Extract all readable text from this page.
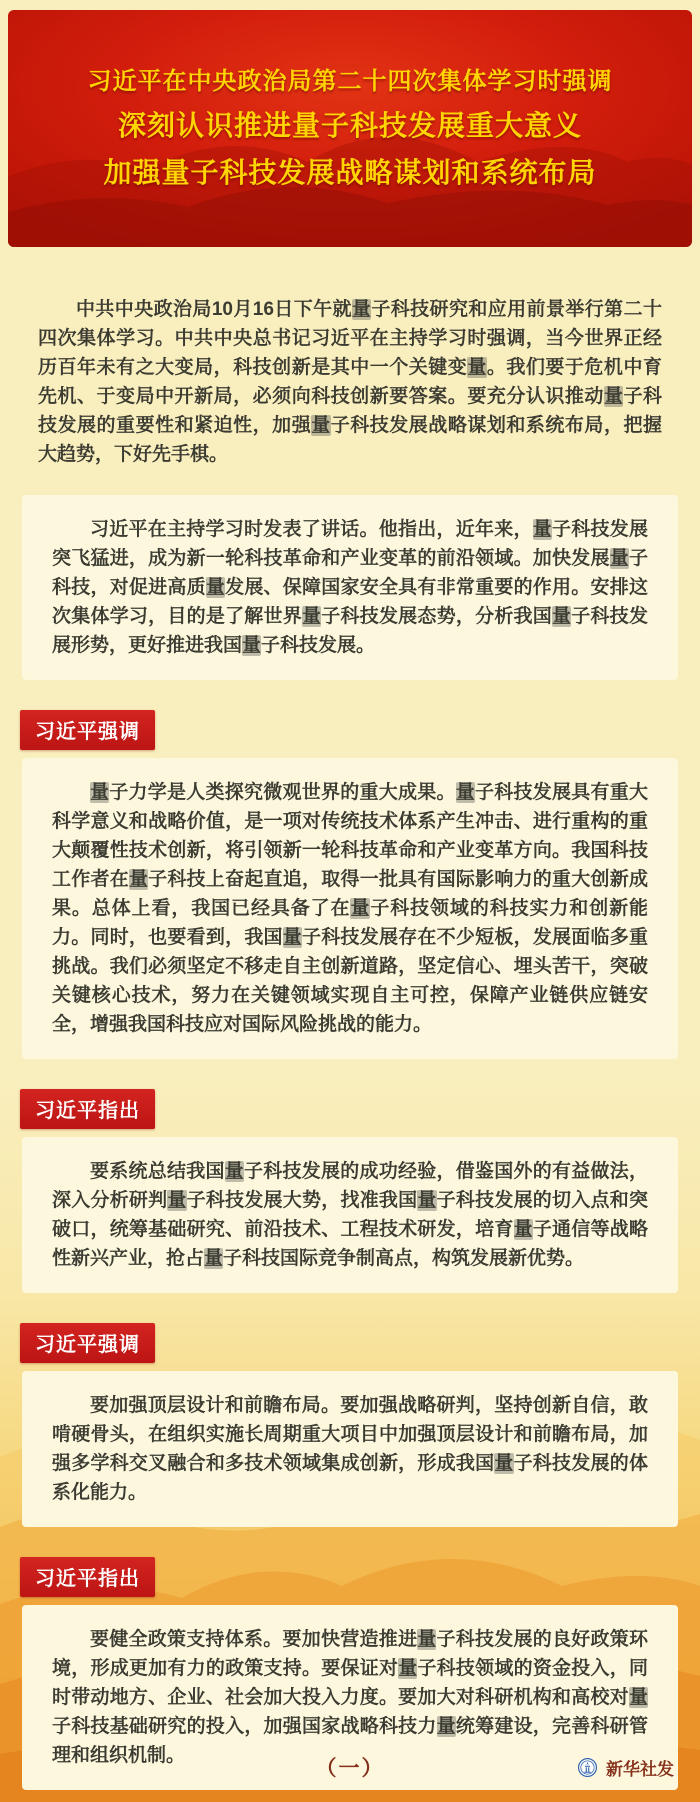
习近平在中央政治局第二十四次集体学习时强调
深刻认识推进量子科技发展重大意义
加强量子科技发展战略谋划和系统布局

中共中央政治局10月16日下午就量子科技研究和应用前景举行第二十四次集体学习。中共中央总书记习近平在主持学习时强调，当今世界正经历百年未有之大变局，科技创新是其中一个关键变量。我们要于危机中育先机、于变局中开新局，必须向科技创新要答案。要充分认识推动量子科技发展的重要性和紧迫性，加强量子科技发展战略谋划和系统布局，把握大趋势，下好先手棋。

习近平在主持学习时发表了讲话。他指出，近年来，量子科技发展突飞猛进，成为新一轮科技革命和产业变革的前沿领域。加快发展量子科技，对促进高质量发展、保障国家安全具有非常重要的作用。安排这次集体学习，目的是了解世界量子科技发展态势，分析我国量子科技发展形势，更好推进我国量子科技发展。

习近平强调

量子力学是人类探究微观世界的重大成果。量子科技发展具有重大科学意义和战略价值，是一项对传统技术体系产生冲击、进行重构的重大颠覆性技术创新，将引领新一轮科技革命和产业变革方向。我国科技工作者在量子科技上奋起直追，取得一批具有国际影响力的重大创新成果。总体上看，我国已经具备了在量子科技领域的科技实力和创新能力。同时，也要看到，我国量子科技发展存在不少短板，发展面临多重挑战。我们必须坚定不移走自主创新道路，坚定信心、埋头苦干，突破关键核心技术，努力在关键领域实现自主可控，保障产业链供应链安全，增强我国科技应对国际风险挑战的能力。

习近平指出

要系统总结我国量子科技发展的成功经验，借鉴国外的有益做法，深入分析研判量子科技发展大势，找准我国量子科技发展的切入点和突破口，统筹基础研究、前沿技术、工程技术研发，培育量子通信等战略性新兴产业，抢占量子科技国际竞争制高点，构筑发展新优势。

习近平强调

要加强顶层设计和前瞻布局。要加强战略研判，坚持创新自信，敢啃硬骨头，在组织实施长周期重大项目中加强顶层设计和前瞻布局，加强多学科交叉融合和多技术领域集成创新，形成我国量子科技发展的体系化能力。

习近平指出

要健全政策支持体系。要加快营造推进量子科技发展的良好政策环境，形成更加有力的政策支持。要保证对量子科技领域的资金投入，同时带动地方、企业、社会加大投入力度。要加大对科研机构和高校对量子科技基础研究的投入，加强国家战略科技力量统筹建设，完善科研管理和组织机制。

（一）	新华社发
